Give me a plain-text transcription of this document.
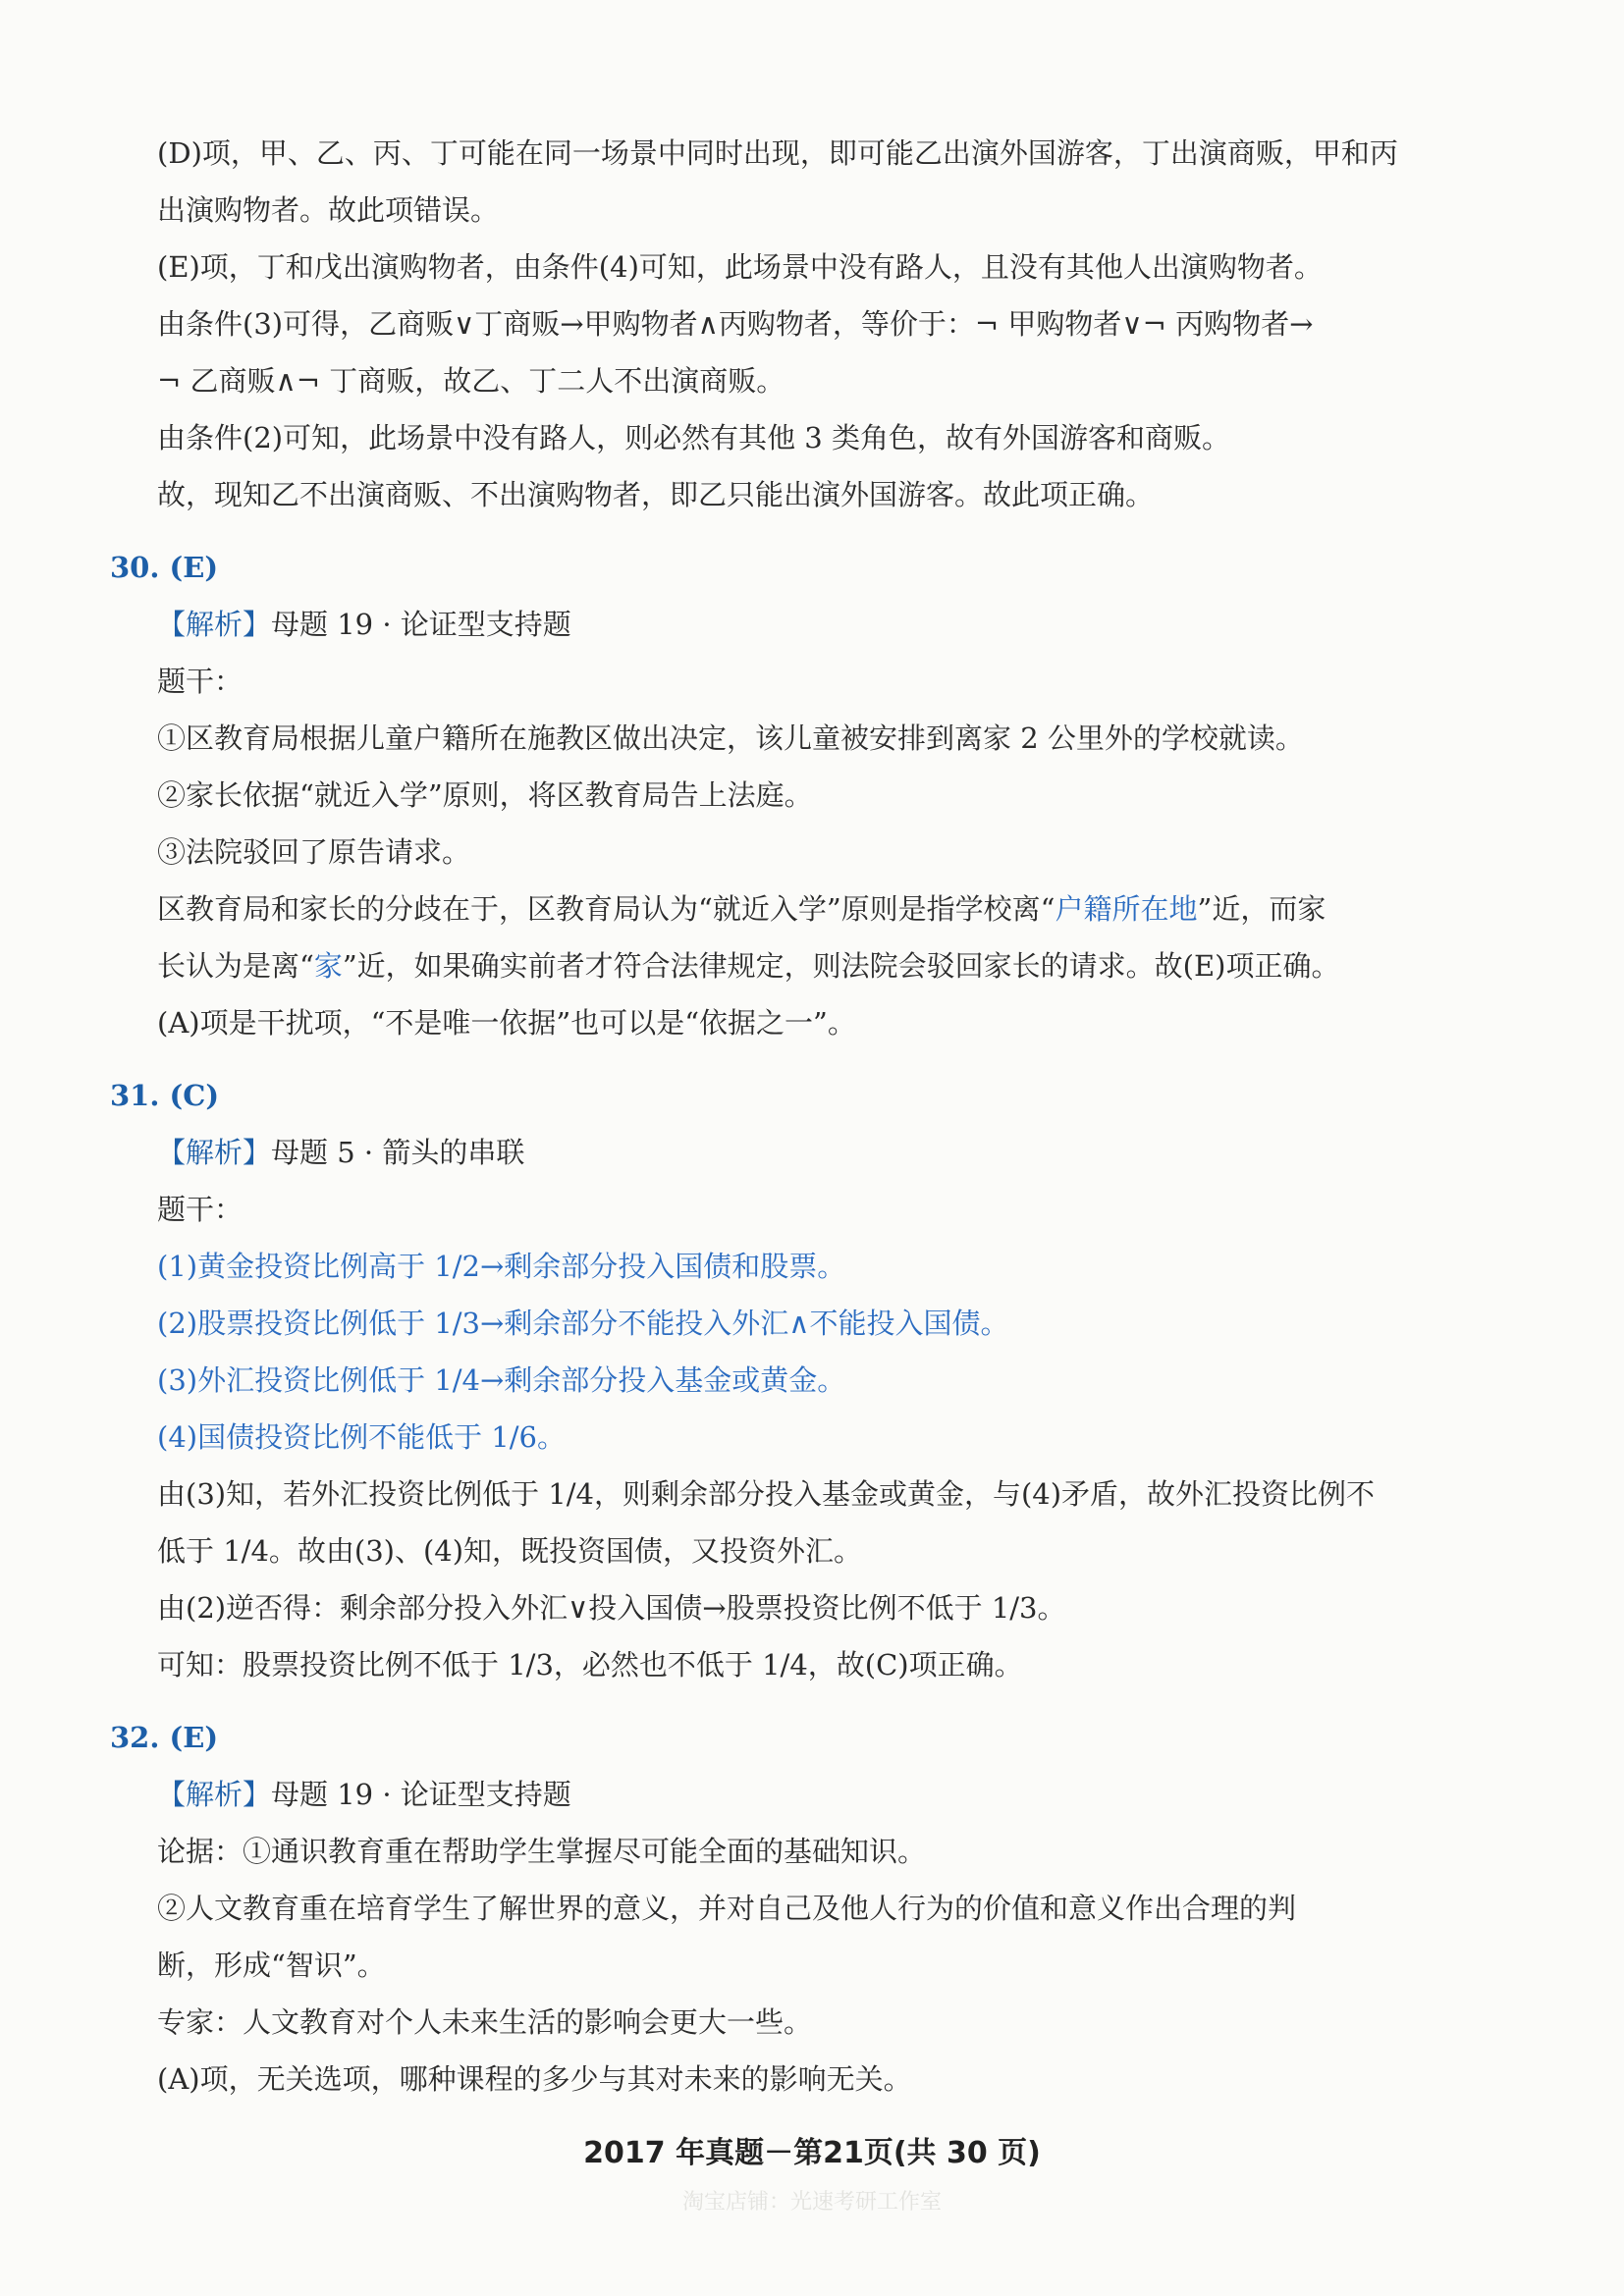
(D)项，甲、乙、丙、丁可能在同一场景中同时出现，即可能乙出演外国游客，丁出演商贩，甲和丙
出演购物者。故此项错误。
(E)项，丁和戊出演购物者，由条件(4)可知，此场景中没有路人，且没有其他人出演购物者。
由条件(3)可得，乙商贩∨丁商贩→甲购物者∧丙购物者，等价于：¬ 甲购物者∨¬ 丙购物者→
¬ 乙商贩∧¬ 丁商贩，故乙、丁二人不出演商贩。
由条件(2)可知，此场景中没有路人，则必然有其他 3 类角色，故有外国游客和商贩。
故，现知乙不出演商贩、不出演购物者，即乙只能出演外国游客。故此项正确。
30. (E)
【解析】母题 19 · 论证型支持题
题干：
①区教育局根据儿童户籍所在施教区做出决定，该儿童被安排到离家 2 公里外的学校就读。
②家长依据“就近入学”原则，将区教育局告上法庭。
③法院驳回了原告请求。
区教育局和家长的分歧在于，区教育局认为“就近入学”原则是指学校离“户籍所在地”近，而家
长认为是离“家”近，如果确实前者才符合法律规定，则法院会驳回家长的请求。故(E)项正确。
(A)项是干扰项，“不是唯一依据”也可以是“依据之一”。
31. (C)
【解析】母题 5 · 箭头的串联
题干：
(1)黄金投资比例高于 1/2→剩余部分投入国债和股票。
(2)股票投资比例低于 1/3→剩余部分不能投入外汇∧不能投入国债。
(3)外汇投资比例低于 1/4→剩余部分投入基金或黄金。
(4)国债投资比例不能低于 1/6。
由(3)知，若外汇投资比例低于 1/4，则剩余部分投入基金或黄金，与(4)矛盾，故外汇投资比例不
低于 1/4。故由(3)、(4)知，既投资国债，又投资外汇。
由(2)逆否得：剩余部分投入外汇∨投入国债→股票投资比例不低于 1/3。
可知：股票投资比例不低于 1/3，必然也不低于 1/4，故(C)项正确。
32. (E)
【解析】母题 19 · 论证型支持题
论据：①通识教育重在帮助学生掌握尽可能全面的基础知识。
②人文教育重在培育学生了解世界的意义，并对自己及他人行为的价值和意义作出合理的判
断，形成“智识”。
专家：人文教育对个人未来生活的影响会更大一些。
(A)项，无关选项，哪种课程的多少与其对未来的影响无关。
2017 年真题－第21页(共 30 页)
淘宝店铺：光速考研工作室
